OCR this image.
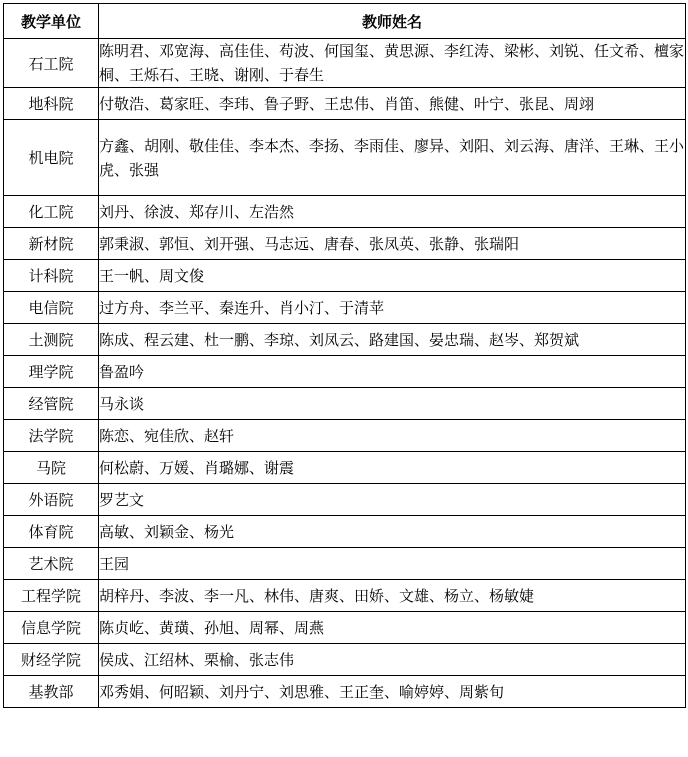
教学单位	教师姓名
石工院	陈明君、邓宽海、高佳佳、苟波、何国玺、黄思源、李红涛、梁彬、刘锐、任文希、檀家桐、王烁石、王晓、谢刚、于春生
地科院	付敬浩、葛家旺、李玮、鲁子野、王忠伟、肖笛、熊健、叶宁、张昆、周翊
机电院	方鑫、胡刚、敬佳佳、李本杰、李扬、李雨佳、廖异、刘阳、刘云海、唐洋、王琳、王小虎、张强
化工院	刘丹、徐波、郑存川、左浩然
新材院	郭秉淑、郭恒、刘开强、马志远、唐春、张凤英、张静、张瑞阳
计科院	王一帆、周文俊
电信院	过方舟、李兰平、秦连升、肖小汀、于清苹
土测院	陈成、程云建、杜一鹏、李琼、刘凤云、路建国、晏忠瑞、赵岑、郑贺斌
理学院	鲁盈吟
经管院	马永谈
法学院	陈恋、宛佳欣、赵轩
马院	何松蔚、万媛、肖璐娜、谢震
外语院	罗艺文
体育院	高敏、刘颖金、杨光
艺术院	王园
工程学院	胡梓丹、李波、李一凡、林伟、唐爽、田娇、文雄、杨立、杨敏婕
信息学院	陈贞屹、黄璜、孙旭、周幂、周燕
财经学院	侯成、江绍林、栗榆、张志伟
基教部	邓秀娟、何昭颖、刘丹宁、刘思雅、王正奎、喻婷婷、周紫旬
